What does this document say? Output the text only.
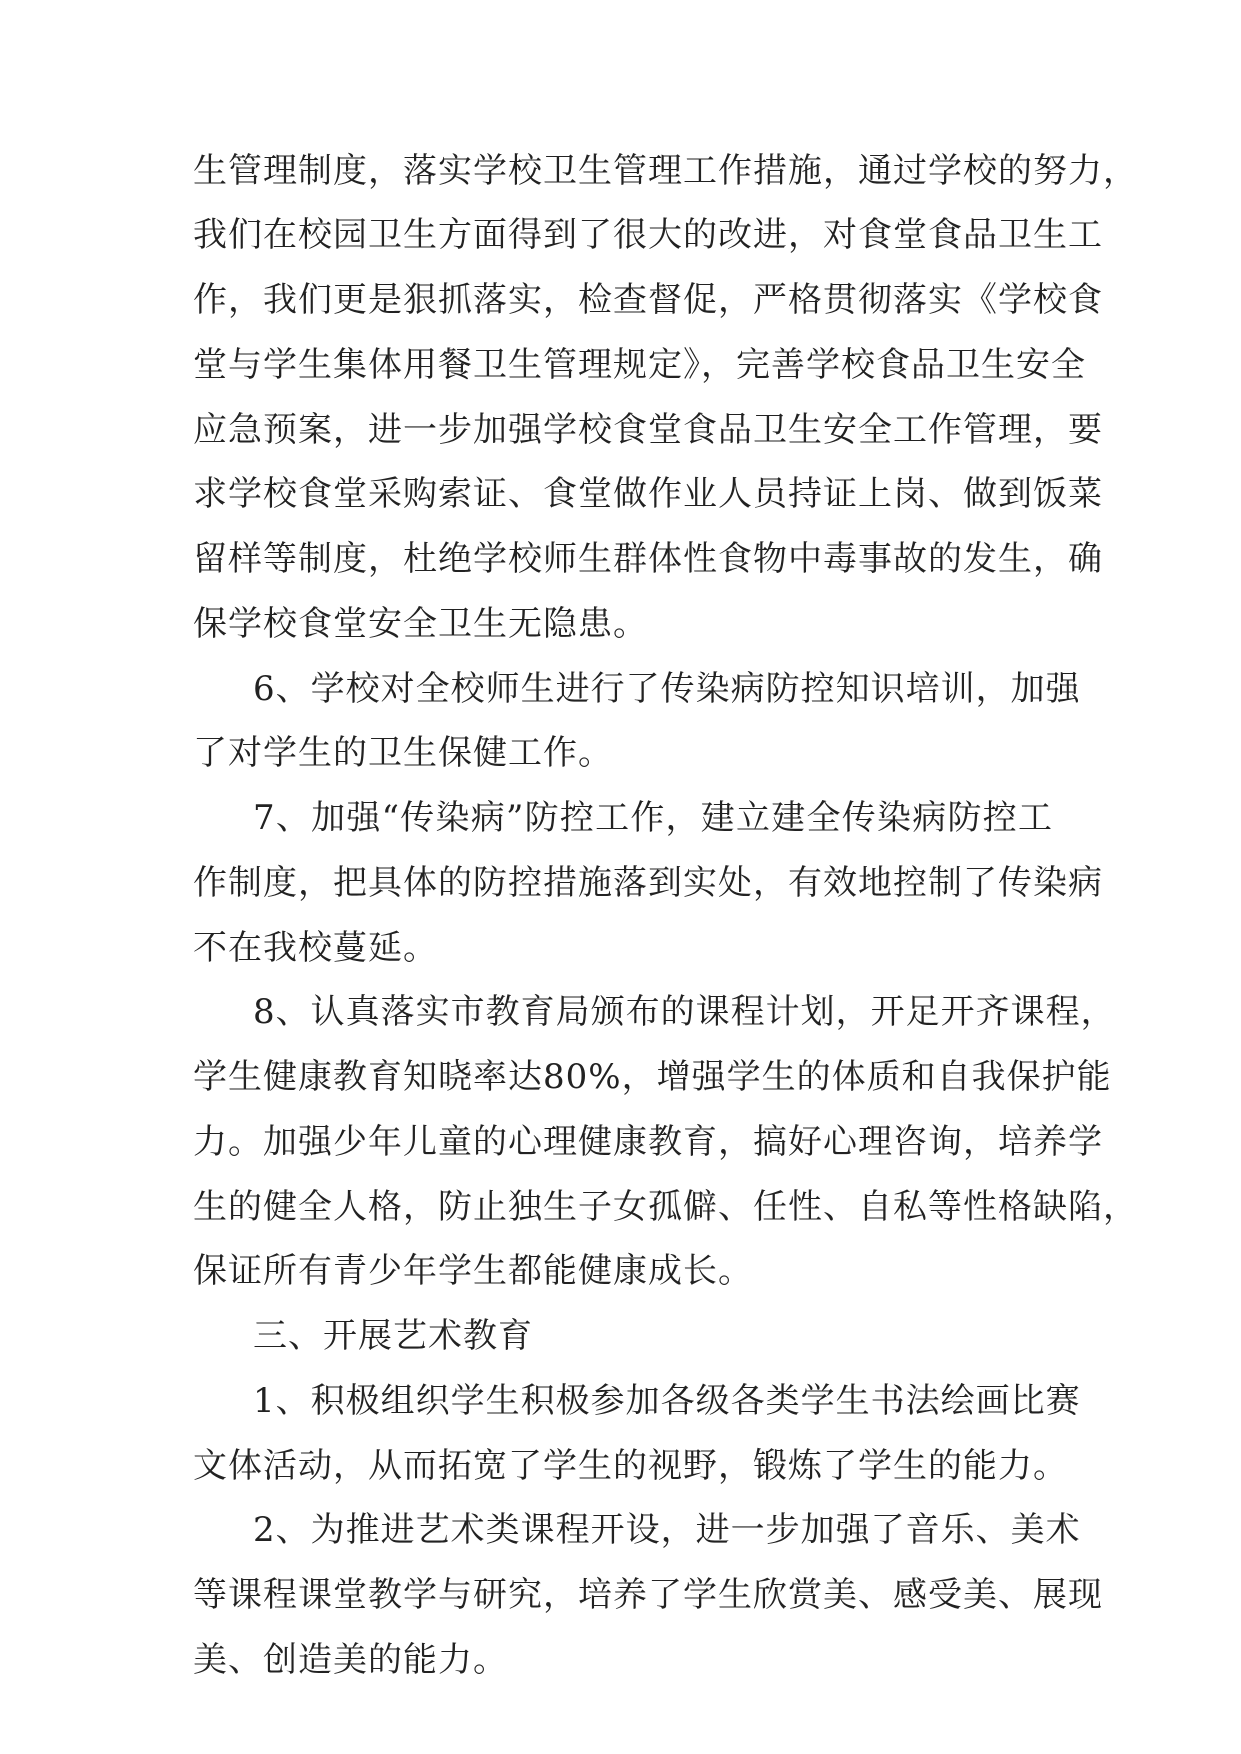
生管理制度，落实学校卫生管理工作措施，通过学校的努力，
我们在校园卫生方面得到了很大的改进，对食堂食品卫生工
作，我们更是狠抓落实，检查督促，严格贯彻落实《学校食
堂与学生集体用餐卫生管理规定》，完善学校食品卫生安全
应急预案，进一步加强学校食堂食品卫生安全工作管理，要
求学校食堂采购索证、食堂做作业人员持证上岗、做到饭菜
留样等制度，杜绝学校师生群体性食物中毒事故的发生，确
保学校食堂安全卫生无隐患。
6、学校对全校师生进行了传染病防控知识培训，加强
了对学生的卫生保健工作。
7、加强“传染病”防控工作，建立建全传染病防控工
作制度，把具体的防控措施落到实处，有效地控制了传染病
不在我校蔓延。
8、认真落实市教育局颁布的课程计划，开足开齐课程，
学生健康教育知晓率达80%，增强学生的体质和自我保护能
力。加强少年儿童的心理健康教育，搞好心理咨询，培养学
生的健全人格，防止独生子女孤僻、任性、自私等性格缺陷，
保证所有青少年学生都能健康成长。
三、开展艺术教育
1、积极组织学生积极参加各级各类学生书法绘画比赛
文体活动，从而拓宽了学生的视野，锻炼了学生的能力。
2、为推进艺术类课程开设，进一步加强了音乐、美术
等课程课堂教学与研究，培养了学生欣赏美、感受美、展现
美、创造美的能力。
